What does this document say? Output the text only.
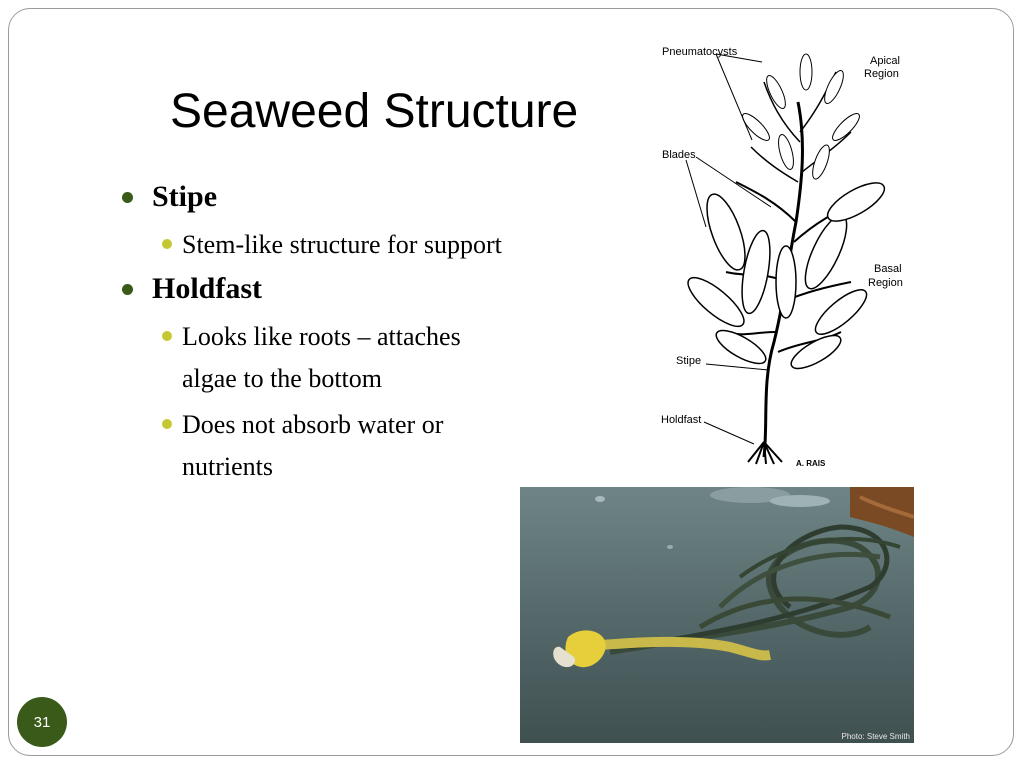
Seaweed Structure
Stipe
Stem-like structure for support
Holdfast
Looks like roots – attaches algae to the bottom
Does not absorb water or nutrients
Pneumatocysts
Apical
Region
Blades
Basal
Region
Stipe
Holdfast
A. RAIS
Photo: Steve Smith
31
